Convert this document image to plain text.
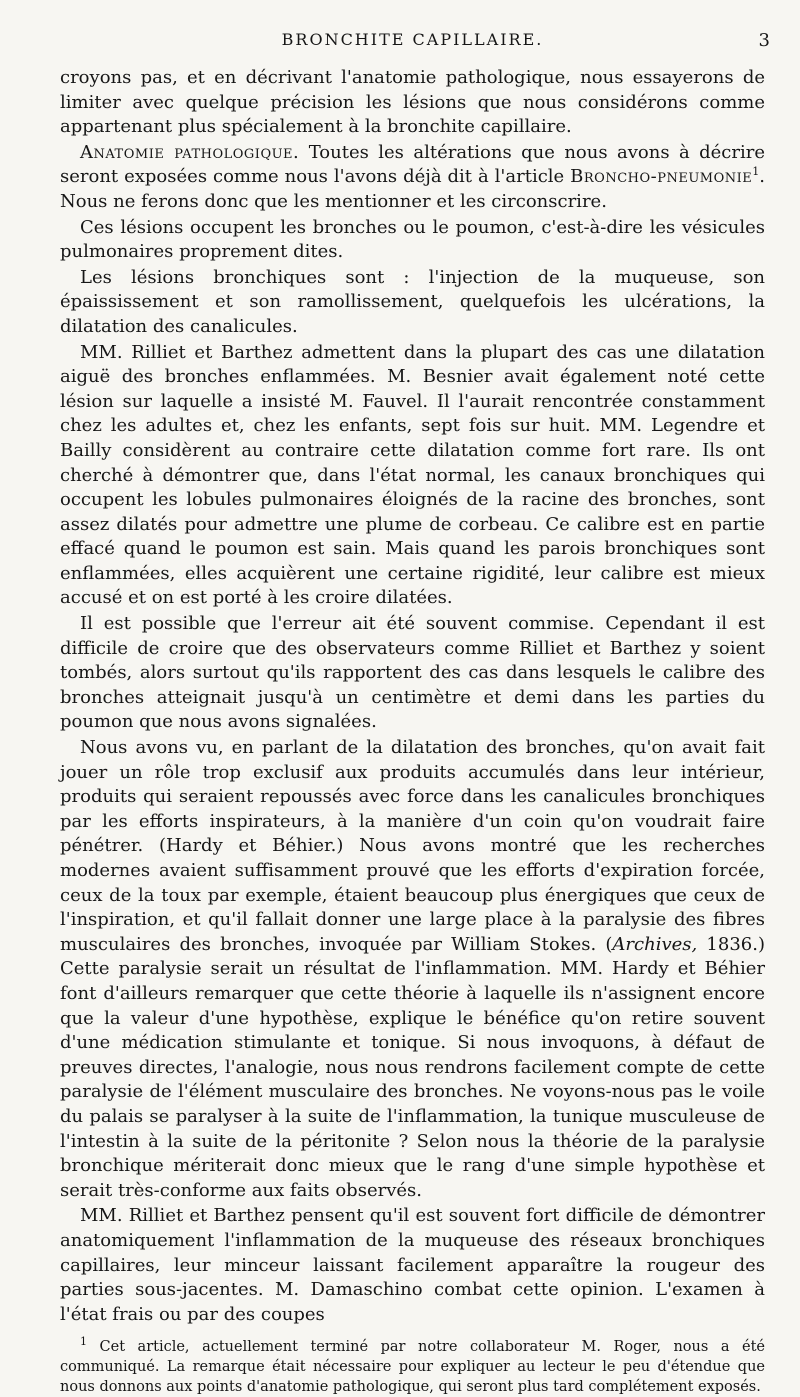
BRONCHITE CAPILLAIRE.	3

croyons pas, et en décrivant l'anatomie pathologique, nous essayerons de limiter avec quelque précision les lésions que nous considérons comme appartenant plus spécialement à la bronchite capillaire.

Anatomie pathologique. Toutes les altérations que nous avons à décrire seront exposées comme nous l'avons déjà dit à l'article Broncho-pneumonie$^1$. Nous ne ferons donc que les mentionner et les circonscrire.

Ces lésions occupent les bronches ou le poumon, c'est-à-dire les vésicules pulmonaires proprement dites.

Les lésions bronchiques sont : l'injection de la muqueuse, son épaississement et son ramollissement, quelquefois les ulcérations, la dilatation des canalicules.

MM. Rilliet et Barthez admettent dans la plupart des cas une dilatation aiguë des bronches enflammées. M. Besnier avait également noté cette lésion sur laquelle a insisté M. Fauvel. Il l'aurait rencontrée constamment chez les adultes et, chez les enfants, sept fois sur huit. MM. Legendre et Bailly considèrent au contraire cette dilatation comme fort rare. Ils ont cherché à démontrer que, dans l'état normal, les canaux bronchiques qui occupent les lobules pulmonaires éloignés de la racine des bronches, sont assez dilatés pour admettre une plume de corbeau. Ce calibre est en partie effacé quand le poumon est sain. Mais quand les parois bronchiques sont enflammées, elles acquièrent une certaine rigidité, leur calibre est mieux accusé et on est porté à les croire dilatées.

Il est possible que l'erreur ait été souvent commise. Cependant il est difficile de croire que des observateurs comme Rilliet et Barthez y soient tombés, alors surtout qu'ils rapportent des cas dans lesquels le calibre des bronches atteignait jusqu'à un centimètre et demi dans les parties du poumon que nous avons signalées.

Nous avons vu, en parlant de la dilatation des bronches, qu'on avait fait jouer un rôle trop exclusif aux produits accumulés dans leur intérieur, produits qui seraient repoussés avec force dans les canalicules bronchiques par les efforts inspirateurs, à la manière d'un coin qu'on voudrait faire pénétrer. (Hardy et Béhier.) Nous avons montré que les recherches modernes avaient suffisamment prouvé que les efforts d'expiration forcée, ceux de la toux par exemple, étaient beaucoup plus énergiques que ceux de l'inspiration, et qu'il fallait donner une large place à la paralysie des fibres musculaires des bronches, invoquée par William Stokes. (Archives, 1836.) Cette paralysie serait un résultat de l'inflammation. MM. Hardy et Béhier font d'ailleurs remarquer que cette théorie à laquelle ils n'assignent encore que la valeur d'une hypothèse, explique le bénéfice qu'on retire souvent d'une médication stimulante et tonique. Si nous invoquons, à défaut de preuves directes, l'analogie, nous nous rendrons facilement compte de cette paralysie de l'élément musculaire des bronches. Ne voyons-nous pas le voile du palais se paralyser à la suite de l'inflammation, la tunique musculeuse de l'intestin à la suite de la péritonite ? Selon nous la théorie de la paralysie bronchique mériterait donc mieux que le rang d'une simple hypothèse et serait très-conforme aux faits observés.

MM. Rilliet et Barthez pensent qu'il est souvent fort difficile de démontrer anatomiquement l'inflammation de la muqueuse des réseaux bronchiques capillaires, leur minceur laissant facilement apparaître la rougeur des parties sous-jacentes. M. Damaschino combat cette opinion. L'examen à l'état frais ou par des coupes

$^1$ Cet article, actuellement terminé par notre collaborateur M. Roger, nous a été communiqué. La remarque était nécessaire pour expliquer au lecteur le peu d'étendue que nous donnons aux points d'anatomie pathologique, qui seront plus tard complétement exposés.
